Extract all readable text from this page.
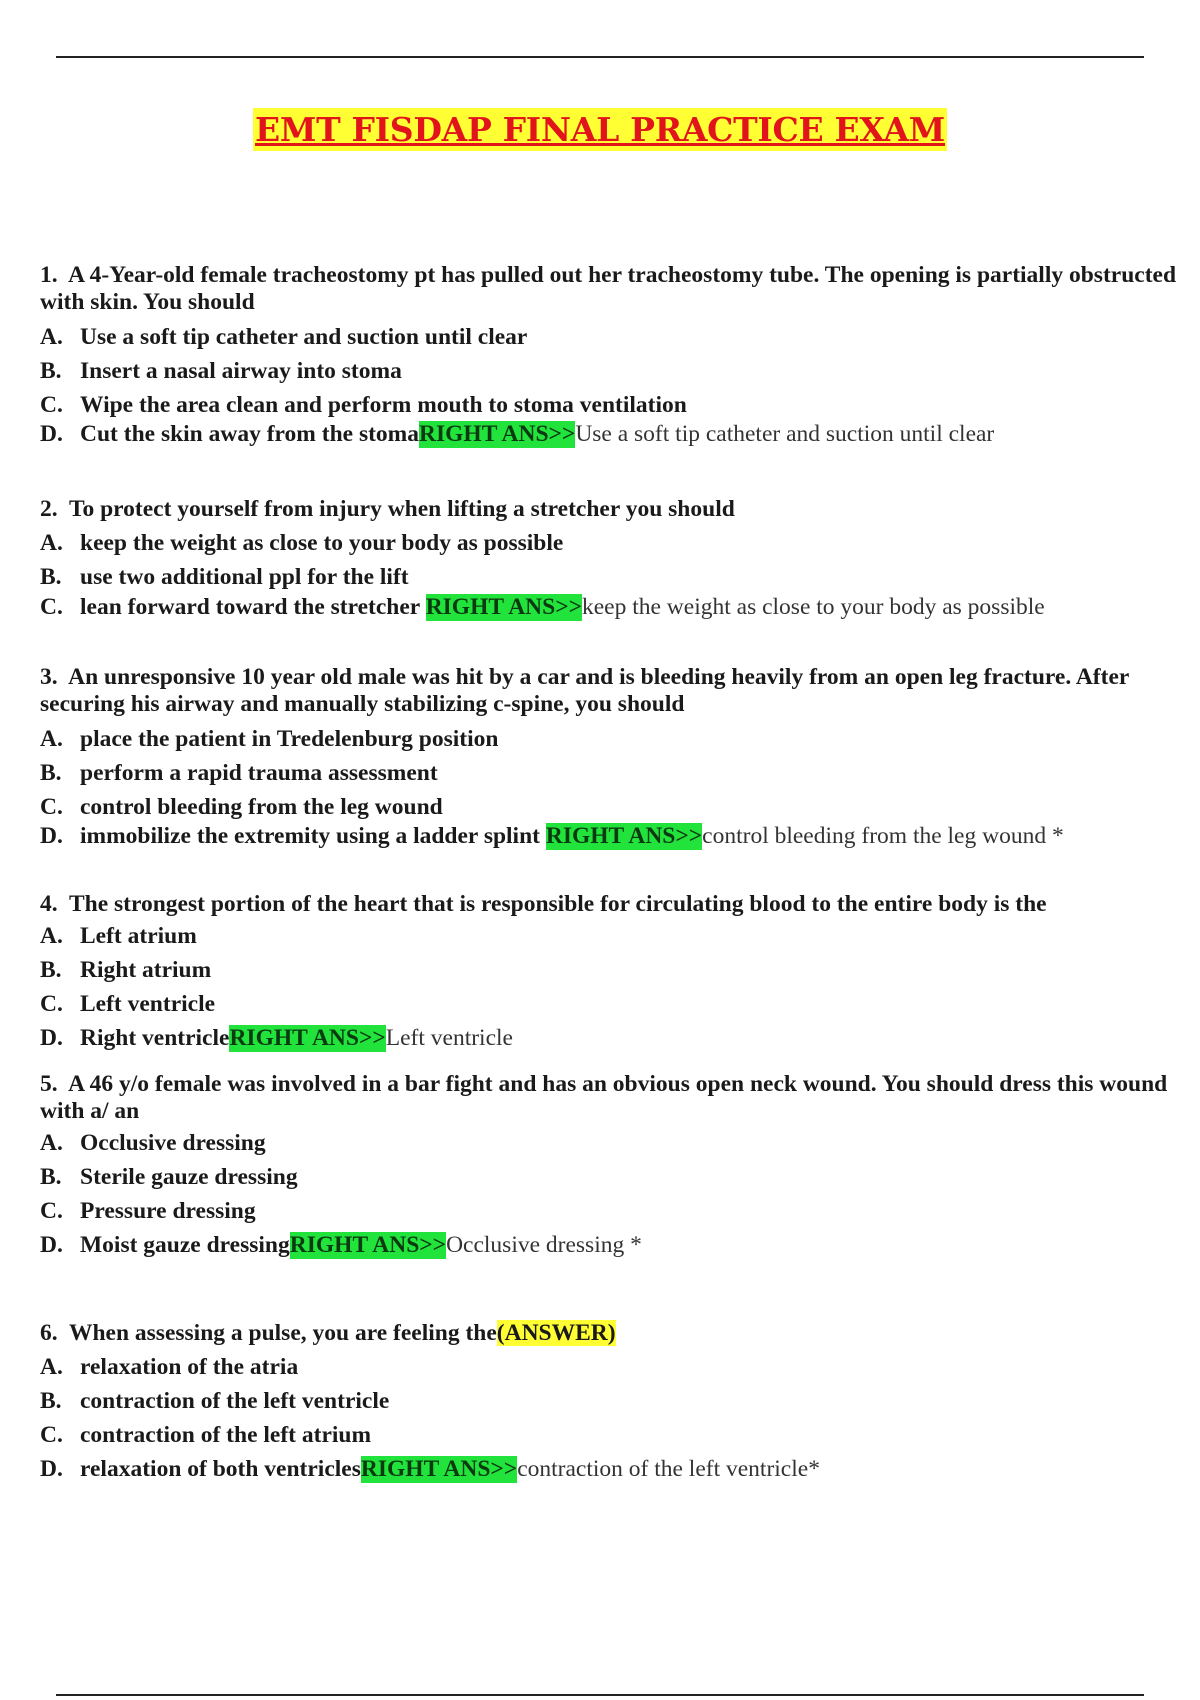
EMT FISDAP FINAL PRACTICE EXAM

1. A 4-Year-old female tracheostomy pt has pulled out her tracheostomy tube. The opening is partially obstructed with skin. You should

A. Use a soft tip catheter and suction until clear

B. Insert a nasal airway into stoma

C. Wipe the area clean and perform mouth to stoma ventilation

D. Cut the skin away from the stoma RIGHT ANS>> Use a soft tip catheter and suction until clear

2. To protect yourself from injury when lifting a stretcher you should

A. keep the weight as close to your body as possible

B. use two additional ppl for the lift

C. lean forward toward the stretcher RIGHT ANS>> keep the weight as close to your body as possible

3. An unresponsive 10 year old male was hit by a car and is bleeding heavily from an open leg fracture. After securing his airway and manually stabilizing c-spine, you should

A. place the patient in Tredelenburg position

B. perform a rapid trauma assessment

C. control bleeding from the leg wound

D. immobilize the extremity using a ladder splint RIGHT ANS>> control bleeding from the leg wound *

4. The strongest portion of the heart that is responsible for circulating blood to the entire body is the

A. Left atrium

B. Right atrium

C. Left ventricle

D. Right ventricle RIGHT ANS>> Left ventricle

5. A 46 y/o female was involved in a bar fight and has an obvious open neck wound. You should dress this wound with a/ an

A. Occlusive dressing

B. Sterile gauze dressing

C. Pressure dressing

D. Moist gauze dressing RIGHT ANS>> Occlusive dressing *

6. When assessing a pulse, you are feeling the(ANSWER)

A. relaxation of the atria

B. contraction of the left ventricle

C. contraction of the left atrium

D. relaxation of both ventricles RIGHT ANS>> contraction of the left ventricle*
